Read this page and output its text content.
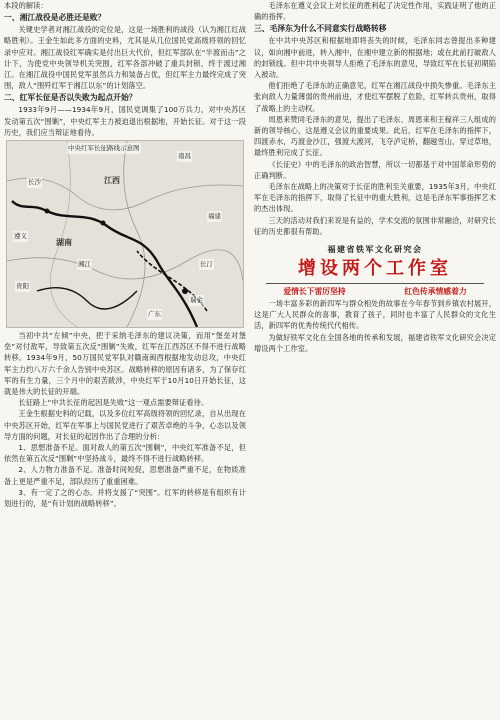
本段的解读：

一、湘江战役是必胜还是败？

关键史学者对湘江战役的定位是，这是一场胜利的战役（认为湘江红战略胜利）。王金生如此多方面的史料，尤其是从几位国民党高级将领的回忆录中应对。湘江战役红军确实是付出巨大代价，但红军部队在“半渡而击”之计下，为使党中央领导机关突围，红军各部冲破了重兵封锁，终于渡过湘江。在湘江战役中国民党军虽然兵力和装备占优，但红军主力最终完成了突围，敌人“围歼红军于湘江以东”的计划落空。

二、红军长征是否以失败为起点开始？

1933年9月——1934年9月，国民党调集了100万兵力，对中央苏区发动第五次“围剿”，中央红军主力被迫退出根据地，开始长征。对于这一段历史，我们应当辩证地看待。

江西
南昌
福建
长汀
瑞金
广东
长沙
湖南
湘江
遵义
贵阳
中央红军长征路线示意图

当初中共“左倾”中央，把于采纳毛泽东的建议决策，而用“堡垒对堡垒”对付敌军，导致第五次反“围剿”失败，红军在江西苏区不得不进行战略转移。1934年9月，50万国民党军队对赣南闽西根据地发动总攻，中央红军主力约八万六千余人告别中央苏区。战略转移的原因有诸多，为了保存红军的有生力量，三个月中的艰苦跋涉，中央红军于10月10日开始长征，这就是伟大的长征的开端。

长征路上“中共长征的起因是失败”这一观点需要辩证看待。

王金生根据史料的记载，以及多位红军高级将领的回忆录，自从出现在中央苏区开始，红军在军事上与国民党进行了艰苦卓绝的斗争，心态以及领导方面的问题，对长征的起因作出了合理的分析：

1、思想准备不足。面对敌人的第五次“围剿”，中央红军准备不足，但依然在第五次反“围剿”中坚持战斗，最终不得不进行战略转移。

2、人力物力准备不足。准备时间短促，思想准备严重不足，在物质准备上更是严重不足，部队经历了重重困难。

3、有一定了之的心态。并将支援了“突围”。红军的转移是有组织有计划进行的，是“有计划的战略转移”。

毛泽东在遵义会议上对长征的胜利起了决定性作用，实践证明了他的正确的指挥。

三、毛泽东为什么不同意实行战略转移

在中共中央苏区和根据地即将丧失的时候，毛泽东同志曾提出多种建议，如向湘中前进，转入湘中，在湘中建立新的根据地；或在此前打破敌人的封锁线。但中共中央领导人拒绝了毛泽东的意见，导致红军在长征初期陷入被动。

他们拒绝了毛泽东的正确意见，红军在湘江战役中损失惨重。毛泽东主张向敌人力量薄弱的贵州前进，才使红军摆脱了危险，红军转兵贵州，取得了战略上的主动权。

周恩来赞同毛泽东的意见，提出了毛泽东、周恩来和王稼祥三人组成的新的领导核心，这是遵义会议的重要成果。此后，红军在毛泽东的指挥下，四渡赤水，巧渡金沙江，强渡大渡河，飞夺泸定桥，翻越雪山，穿过草地，最终胜利完成了长征。

《长征史》中的毛泽东的政治智慧，所以一切都基于对中国革命形势的正确判断。

毛泽东在战略上的决策对于长征的胜利至关重要，1935年3月，中央红军在毛泽东的指挥下，取得了长征中的重大胜利，这是毛泽东军事指挥艺术的杰出体现。

三天的活动对我们来说是有益的，学术交流的氛围非常融洽，对研究长征的历史都很有帮助。

福建省铁军文化研究会
增设两个工作室
爱情长下雷厉坚持	红色传承情感着力

一场丰富多彩的新四军与群众相处的故事在今年春节到乡镇农村展开，这是广大人民群众的喜事，教育了孩子，同时也丰富了人民群众的文化生活，新四军的优秀传统代代相传。

为做好铁军文化在全国各地的传承和发展，福建省铁军文化研究会决定增设两个工作室。
